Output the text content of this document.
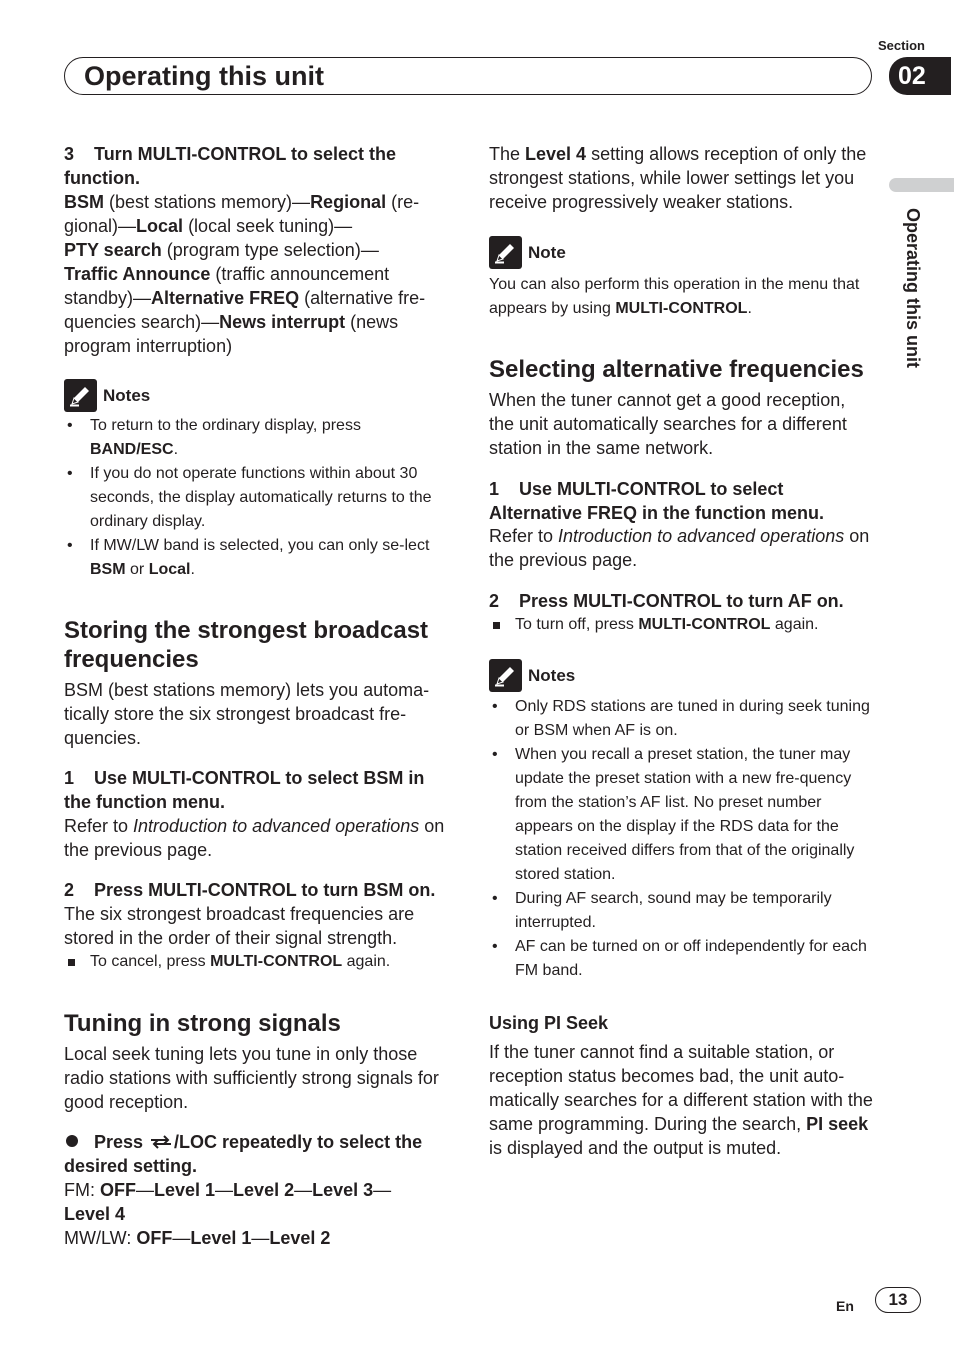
Section
Operating this unit	02
Operating this unit

3 Turn MULTI-CONTROL to select the function.

BSM (best stations memory)—Regional (re-gional)—Local (local seek tuning)—
PTY search (program type selection)—
Traffic Announce (traffic announcement standby)—Alternative FREQ (alternative fre-quencies search)—News interrupt (news program interruption)

Notes
• To return to the ordinary display, press
BAND/ESC.
• If you do not operate functions within about 30 seconds, the display automatically returns to the ordinary display.
• If MW/LW band is selected, you can only se-lect BSM or Local.
Storing the strongest broadcast frequencies

BSM (best stations memory) lets you automa-tically store the six strongest broadcast fre-quencies.

1 Use MULTI-CONTROL to select BSM in the function menu.

Refer to Introduction to advanced operations on the previous page.

2 Press MULTI-CONTROL to turn BSM on.

The six strongest broadcast frequencies are stored in the order of their signal strength.

To cancel, press MULTI-CONTROL again.
Tuning in strong signals

Local seek tuning lets you tune in only those radio stations with sufficiently strong signals for good reception.

Press /LOC repeatedly to select the desired setting.

FM: OFF—Level 1—Level 2—Level 3—
Level 4

MW/LW: OFF—Level 1—Level 2

The Level 4 setting allows reception of only the strongest stations, while lower settings let you receive progressively weaker stations.

Note

You can also perform this operation in the menu that appears by using MULTI-CONTROL.

Selecting alternative frequencies

When the tuner cannot get a good reception, the unit automatically searches for a different station in the same network.

1 Use MULTI-CONTROL to select Alternative FREQ in the function menu.

Refer to Introduction to advanced operations on the previous page.

2 Press MULTI-CONTROL to turn AF on.

To turn off, press MULTI-CONTROL again.
Notes
• Only RDS stations are tuned in during seek tuning or BSM when AF is on.
• When you recall a preset station, the tuner may update the preset station with a new fre-quency from the station’s AF list. No preset number appears on the display if the RDS data for the station received differs from that of the originally stored station.
• During AF search, sound may be temporarily interrupted.
• AF can be turned on or off independently for each FM band.
Using PI Seek

If the tuner cannot find a suitable station, or reception status becomes bad, the unit auto-matically searches for a different station with the same programming. During the search, PI seek is displayed and the output is muted.

En	13
